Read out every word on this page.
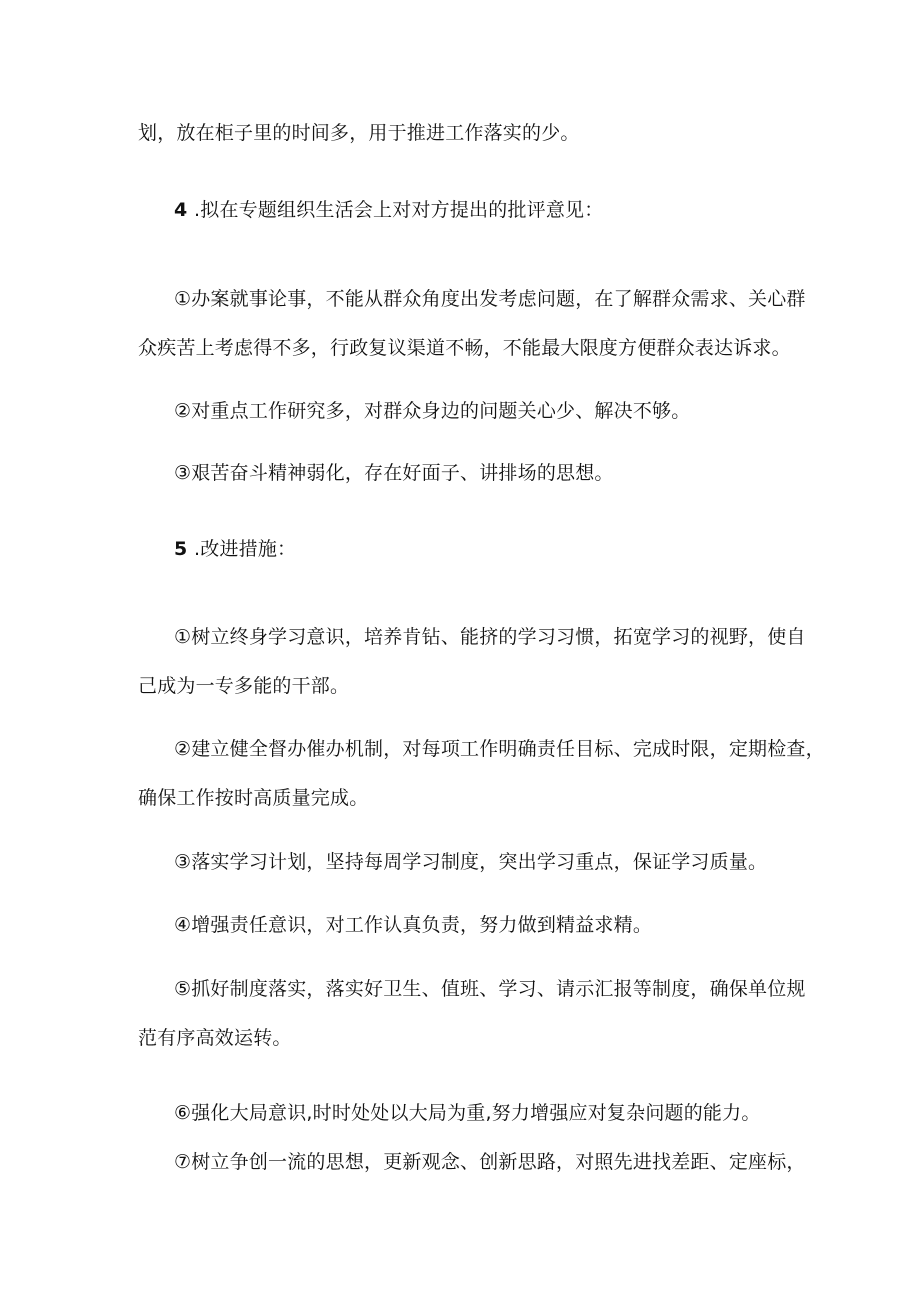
划，放在柜子里的时间多，用于推进工作落实的少。
4 .拟在专题组织生活会上对对方提出的批评意见：
①办案就事论事，不能从群众角度出发考虑问题，在了解群众需求、关心群
众疾苦上考虑得不多，行政复议渠道不畅，不能最大限度方便群众表达诉求。
②对重点工作研究多，对群众身边的问题关心少、解决不够。
③艰苦奋斗精神弱化，存在好面子、讲排场的思想。
5 .改进措施：
①树立终身学习意识，培养肯钻、能挤的学习习惯，拓宽学习的视野，使自
己成为一专多能的干部。
②建立健全督办催办机制，对每项工作明确责任目标、完成时限，定期检查，
确保工作按时高质量完成。
③落实学习计划，坚持每周学习制度，突出学习重点，保证学习质量。
④增强责任意识，对工作认真负责，努力做到精益求精。
⑤抓好制度落实，落实好卫生、值班、学习、请示汇报等制度，确保单位规
范有序高效运转。
⑥强化大局意识,时时处处以大局为重,努力增强应对复杂问题的能力。
⑦树立争创一流的思想，更新观念、创新思路，对照先进找差距、定座标，
